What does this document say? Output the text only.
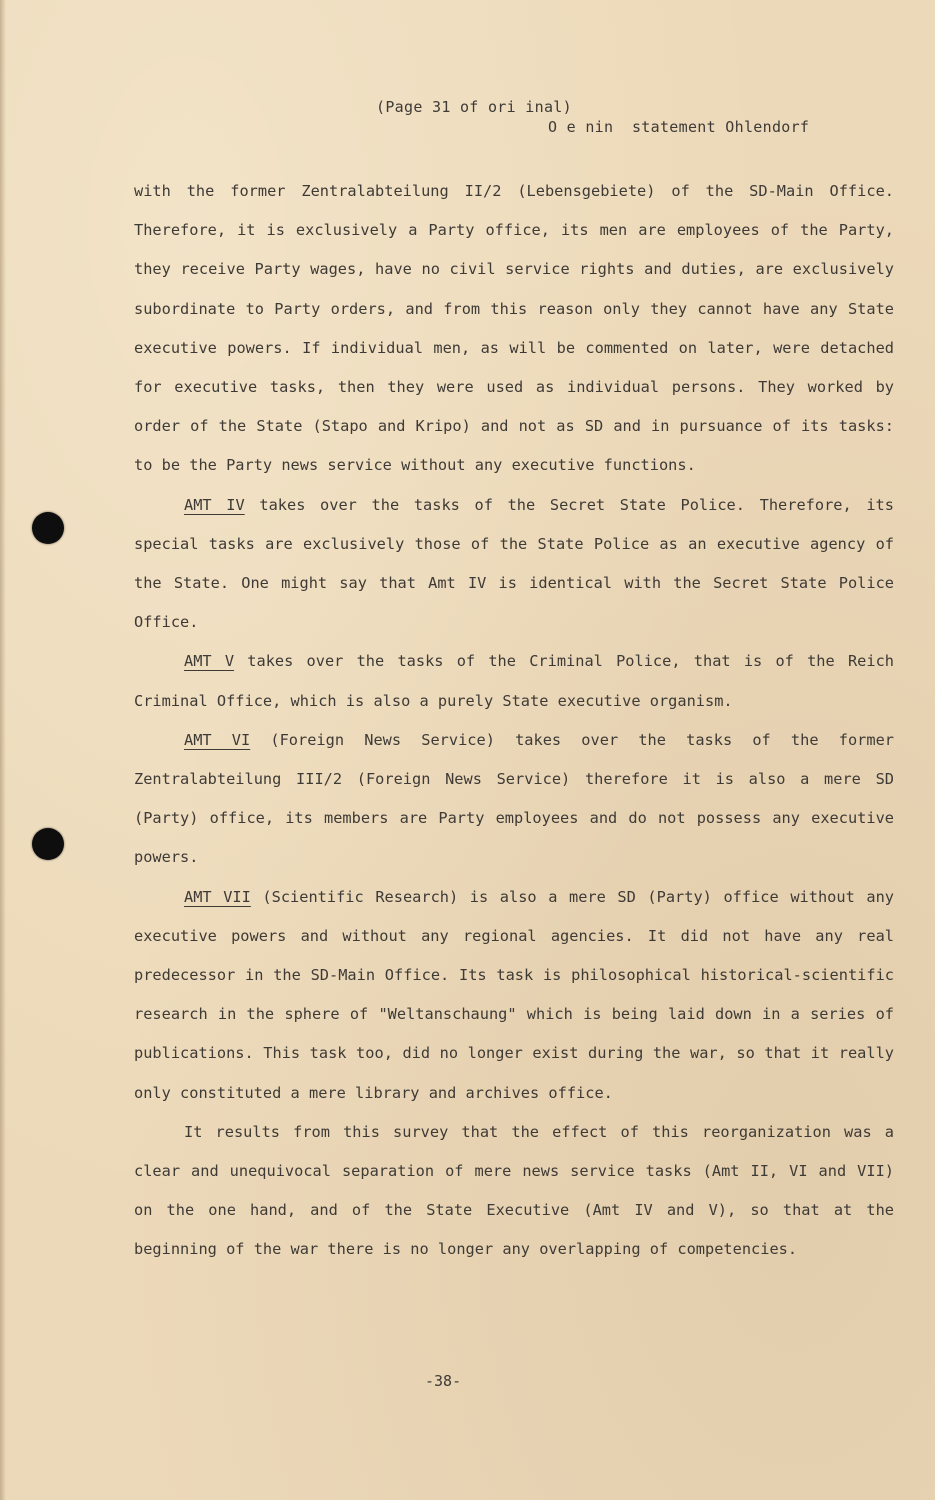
(Page 31 of ori inal)
O e nin  statement Ohlendorf

with the former Zentralabteilung II/2 (Lebensgebiete) of the SD-Main Office. Therefore, it is exclusively a Party office, its men are employees of the Party, they receive Party wages, have no civil service rights and duties, are exclusively subordinate to Party orders, and from this reason only they cannot have any State executive powers. If individual men, as will be commented on later, were detached for executive tasks, then they were used as individual persons. They worked by order of the State (Stapo and Kripo) and not as SD and in pursuance of its tasks: to be the Party news service without any executive functions.

AMT IV takes over the tasks of the Secret State Police. Therefore, its special tasks are exclusively those of the State Police as an executive agency of the State. One might say that Amt IV is identical with the Secret State Police Office.

AMT V takes over the tasks of the Criminal Police, that is of the Reich Criminal Office, which is also a purely State executive organism.

AMT VI (Foreign News Service) takes over the tasks of the former Zentralabteilung III/2 (Foreign News Service) therefore it is also a mere SD (Party) office, its members are Party employees and do not possess any executive powers.

AMT VII (Scientific Research) is also a mere SD (Party) office without any executive powers and without any regional agencies. It did not have any real predecessor in the SD-Main Office. Its task is philosophical historical-scientific research in the sphere of "Weltanschaung" which is being laid down in a series of publications. This task too, did no longer exist during the war, so that it really only constituted a mere library and archives office.

It results from this survey that the effect of this reorganization was a clear and unequivocal separation of mere news service tasks (Amt II, VI and VII) on the one hand, and of the State Executive (Amt IV and V), so that at the beginning of the war there is no longer any overlapping of competencies.

-38-
